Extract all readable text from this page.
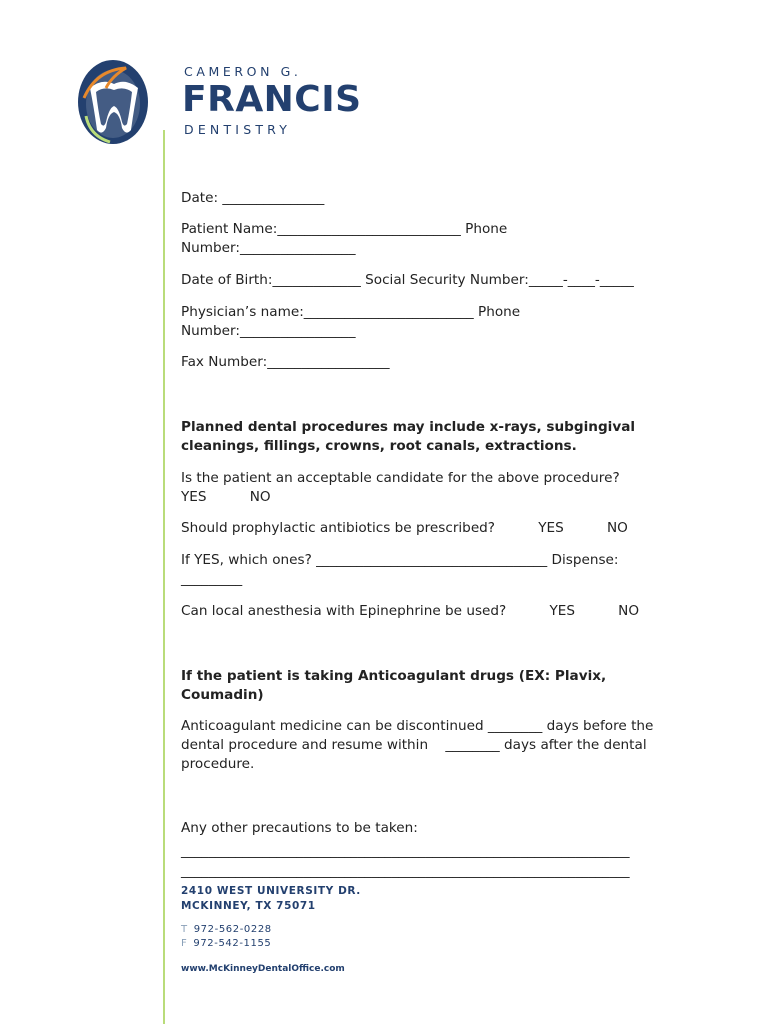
CAMERON G.
FRANCIS
DENTISTRY
Date: _______________
Patient Name:___________________________ Phone
Number:_________________
Date of Birth:_____________ Social Security Number:_____-____-_____
Physician’s name:_________________________ Phone
Number:_________________
Fax Number:__________________
Planned dental procedures may include x-rays, subgingival
cleanings, fillings, crowns, root canals, extractions.
Is the patient an acceptable candidate for the above procedure?
YES          NO
Should prophylactic antibiotics be prescribed?          YES          NO
If YES, which ones? __________________________________ Dispense:
_________
Can local anesthesia with Epinephrine be used?          YES          NO
If the patient is taking Anticoagulant drugs (EX: Plavix,
Coumadin)
Anticoagulant medicine can be discontinued ________ days before the
dental procedure and resume within    ________ days after the dental
procedure.
Any other precautions to be taken:
__________________________________________________________________
__________________________________________________________________
2410 WEST UNIVERSITY DR.
MCKINNEY, TX 75071
T 972-562-0228
F 972-542-1155
www.McKinneyDentalOffice.com
